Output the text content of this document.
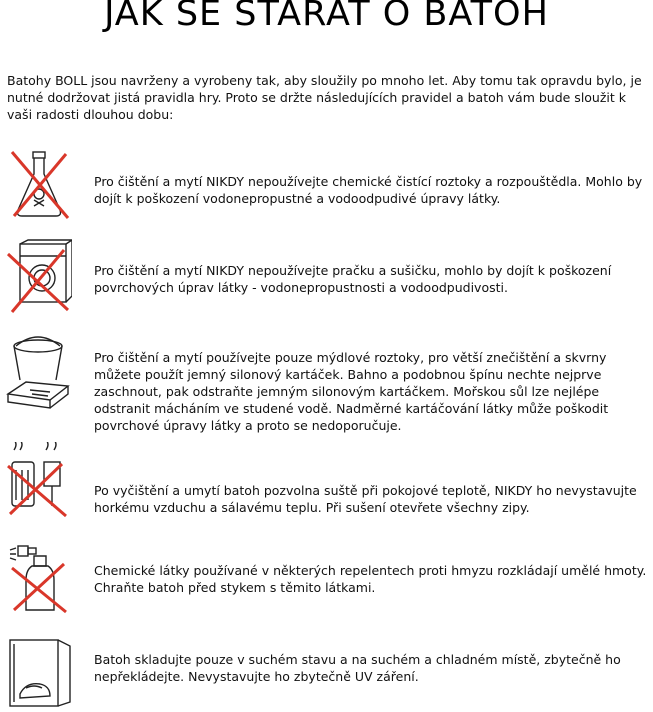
JAK SE STARAT O BATOH

Batohy BOLL jsou navrženy a vyrobeny tak, aby sloužily po mnoho let. Aby tomu tak opravdu bylo, je nutné dodržovat jistá pravidla hry. Proto se držte následujících pravidel a batoh vám bude sloužit k vaši radosti dlouhou dobu:

Pro čištění a mytí NIKDY nepoužívejte chemické čistící roztoky a rozpouštědla. Mohlo by dojít k poškození vodonepropustné a vodoodpudivé úpravy látky.

Pro čištění a mytí NIKDY nepoužívejte pračku a sušičku, mohlo by dojít k poškození povrchových úprav látky - vodonepropustnosti a vodoodpudivosti.

Pro čištění a mytí používejte pouze mýdlové roztoky, pro větší znečištění a skvrny můžete použít jemný silonový kartáček. Bahno a podobnou špínu nechte nejprve zaschnout, pak odstraňte jemným silonovým kartáčkem. Mořskou sůl lze nejlépe odstranit mácháním ve studené vodě. Nadměrné kartáčování látky může poškodit povrchové úpravy látky a proto se nedoporučuje.

Po vyčištění a umytí batoh pozvolna suště při pokojové teplotě, NIKDY ho nevystavujte horkému vzduchu a sálavému teplu. Při sušení otevřete všechny zipy.

Chemické látky používané v některých repelentech proti hmyzu rozkládají umělé hmoty. Chraňte batoh před stykem s těmito látkami.

Batoh skladujte pouze v suchém stavu a na suchém a chladném místě, zbytečně ho nepřekládejte. Nevystavujte ho zbytečně UV záření.
